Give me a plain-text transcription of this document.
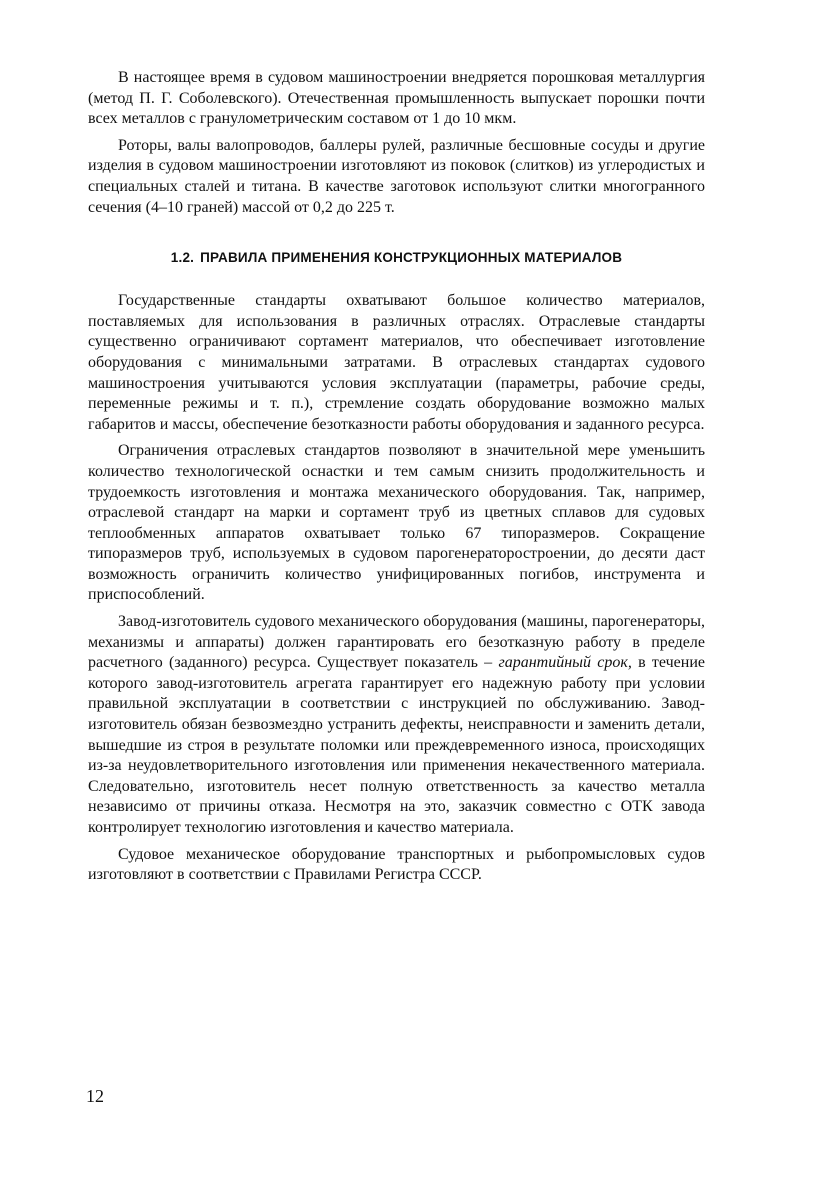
В настоящее время в судовом машиностроении внедряется порошковая металлургия (метод П. Г. Соболевского). Отечественная промышленность выпускает порошки почти всех металлов с гранулометрическим составом от 1 до 10 мкм.

Роторы, валы валопроводов, баллеры рулей, различные бесшовные сосуды и другие изделия в судовом машиностроении изготовляют из поковок (слитков) из углеродистых и специальных сталей и титана. В качестве заготовок используют слитки многогранного сечения (4–10 граней) массой от 0,2 до 225 т.

1.2. ПРАВИЛА ПРИМЕНЕНИЯ КОНСТРУКЦИОННЫХ МАТЕРИАЛОВ

Государственные стандарты охватывают большое количество материалов, поставляемых для использования в различных отраслях. Отраслевые стандарты существенно ограничивают сортамент материалов, что обеспечивает изготовление оборудования с минимальными затратами. В отраслевых стандартах судового машиностроения учитываются условия эксплуатации (параметры, рабочие среды, переменные режимы и т. п.), стремление создать оборудование возможно малых габаритов и массы, обеспечение безотказности работы оборудования и заданного ресурса.

Ограничения отраслевых стандартов позволяют в значительной мере уменьшить количество технологической оснастки и тем самым снизить продолжительность и трудоемкость изготовления и монтажа механического оборудования. Так, например, отраслевой стандарт на марки и сортамент труб из цветных сплавов для судовых теплообменных аппаратов охватывает только 67 типоразмеров. Сокращение типоразмеров труб, используемых в судовом парогенераторостроении, до десяти даст возможность ограничить количество унифицированных погибов, инструмента и приспособлений.

Завод-изготовитель судового механического оборудования (машины, парогенераторы, механизмы и аппараты) должен гарантировать его безотказную работу в пределе расчетного (заданного) ресурса. Существует показатель – гарантийный срок, в течение которого завод-изготовитель агрегата гарантирует его надежную работу при условии правильной эксплуатации в соответствии с инструкцией по обслуживанию. Завод-изготовитель обязан безвозмездно устранить дефекты, неисправности и заменить детали, вышедшие из строя в результате поломки или преждевременного износа, происходящих из-за неудовлетворительного изготовления или применения некачественного материала. Следовательно, изготовитель несет полную ответственность за качество металла независимо от причины отказа. Несмотря на это, заказчик совместно с ОТК завода контролирует технологию изготовления и качество материала.

Судовое механическое оборудование транспортных и рыбопромысловых судов изготовляют в соответствии с Правилами Регистра СССР.

12
